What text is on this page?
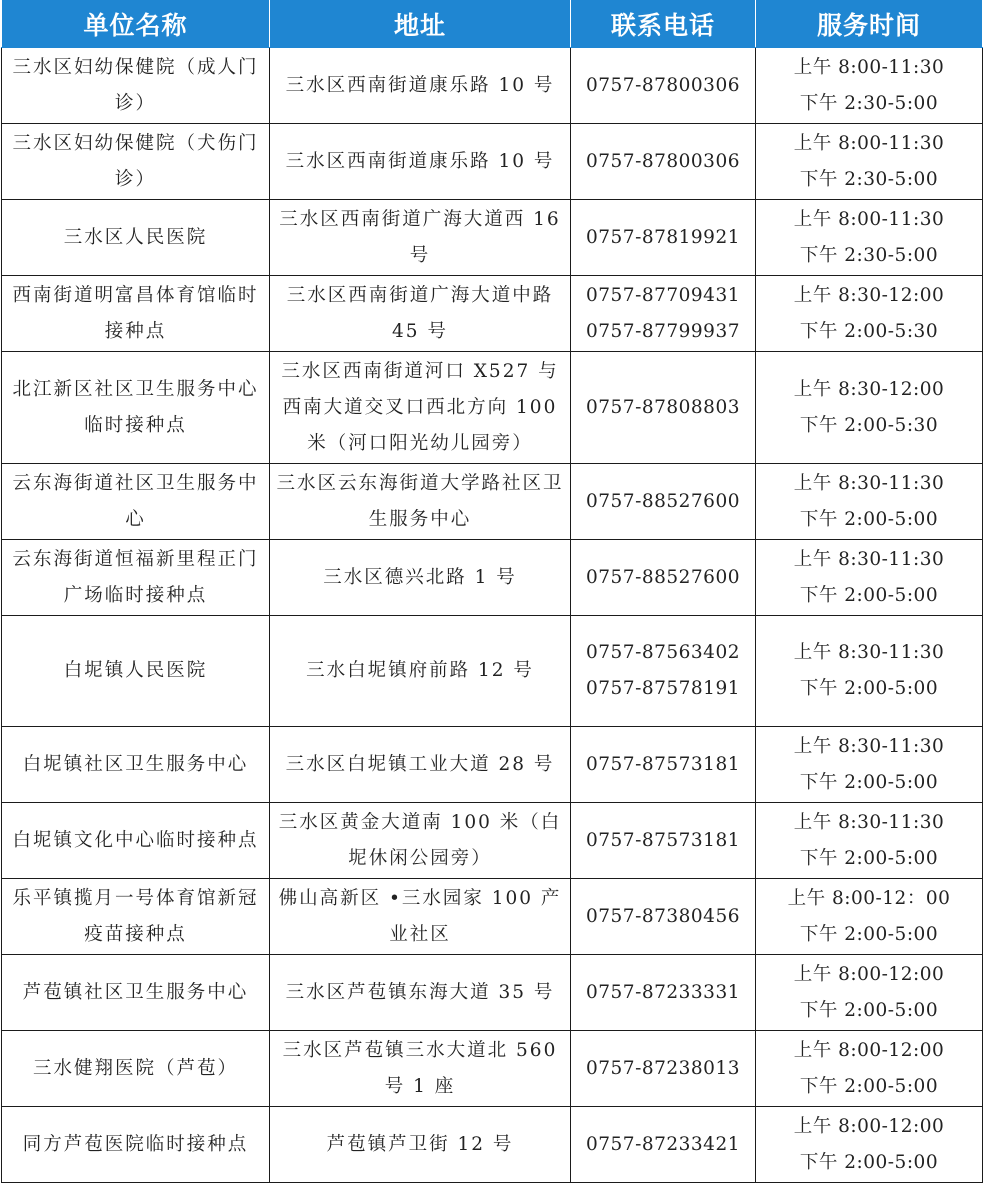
单位名称	地址	联系电话	服务时间

三水区妇幼保健院（成人门诊）	三水区西南街道康乐路 10 号	0757-87800306	上午 8:00-11:30
下午 2:30-5:00

三水区妇幼保健院（犬伤门诊）	三水区西南街道康乐路 10 号	0757-87800306	上午 8:00-11:30
下午 2:30-5:00

三水区人民医院	三水区西南街道广海大道西 16 号	0757-87819921	上午 8:00-11:30
下午 2:30-5:00

西南街道明富昌体育馆临时接种点	三水区西南街道广海大道中路 45 号	0757-87709431
0757-87799937	上午 8:30-12:00
下午 2:00-5:30

北江新区社区卫生服务中心临时接种点	三水区西南街道河口 X527 与西南大道交叉口西北方向 100 米（河口阳光幼儿园旁）	0757-87808803	上午 8:30-12:00
下午 2:00-5:30

云东海街道社区卫生服务中心	三水区云东海街道大学路社区卫生服务中心	0757-88527600	上午 8:30-11:30
下午 2:00-5:00

云东海街道恒福新里程正门广场临时接种点	三水区德兴北路 1 号	0757-88527600	上午 8:30-11:30
下午 2:00-5:00

白坭镇人民医院	三水白坭镇府前路 12 号	0757-87563402
0757-87578191	上午 8:30-11:30
下午 2:00-5:00

白坭镇社区卫生服务中心	三水区白坭镇工业大道 28 号	0757-87573181	上午 8:30-11:30
下午 2:00-5:00

白坭镇文化中心临时接种点	三水区黄金大道南 100 米（白坭休闲公园旁）	0757-87573181	上午 8:30-11:30
下午 2:00-5:00

乐平镇揽月一号体育馆新冠疫苗接种点	佛山高新区 •三水园家 100 产业社区	0757-87380456	上午 8:00-12：00
下午 2:00-5:00

芦苞镇社区卫生服务中心	三水区芦苞镇东海大道 35 号	0757-87233331	上午 8:00-12:00
下午 2:00-5:00

三水健翔医院（芦苞）	三水区芦苞镇三水大道北 560 号 1 座	0757-87238013	上午 8:00-12:00
下午 2:00-5:00

同方芦苞医院临时接种点	芦苞镇芦卫街 12 号	0757-87233421	上午 8:00-12:00
下午 2:00-5:00
